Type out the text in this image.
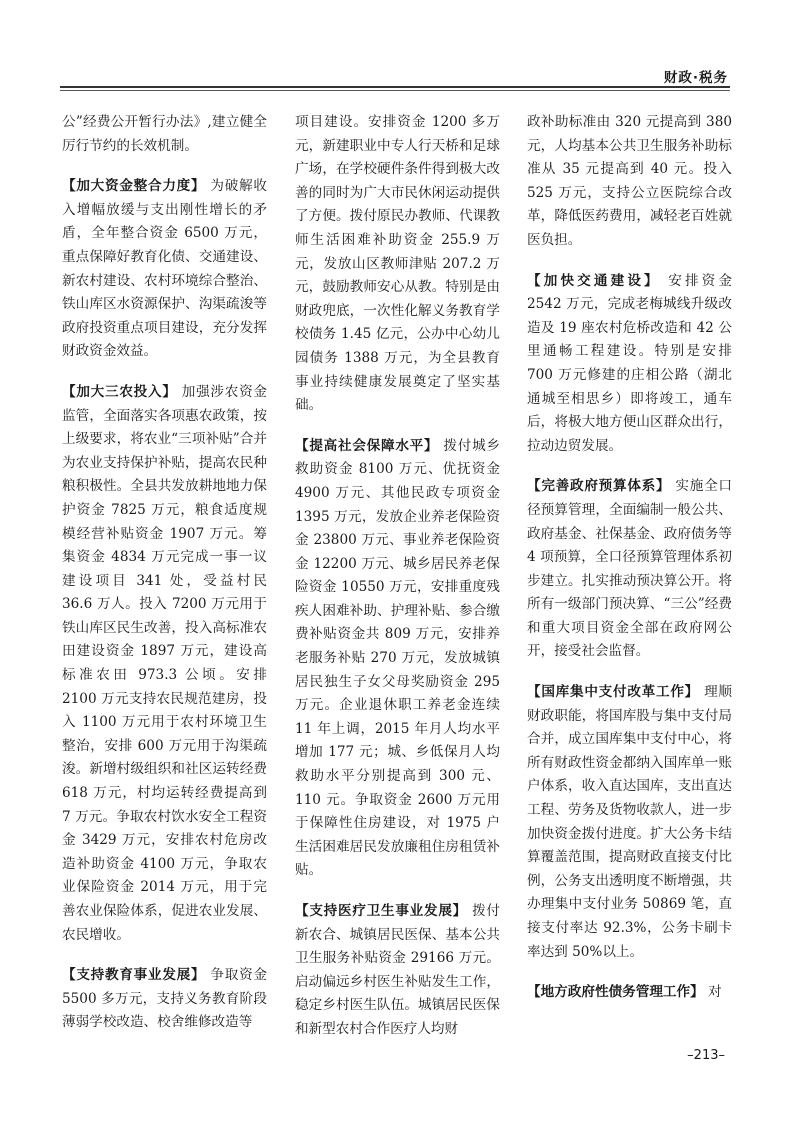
财政·税务

公”经费公开暂行办法》,建立健全厉行节约的长效机制。

【加大资金整合力度】 为破解收入增幅放缓与支出刚性增长的矛盾，全年整合资金 6500 万元，重点保障好教育化债、交通建设、新农村建设、农村环境综合整治、铁山库区水资源保护、沟渠疏浚等政府投资重点项目建设，充分发挥财政资金效益。

【加大三农投入】 加强涉农资金监管，全面落实各项惠农政策，按上级要求，将农业“三项补贴”合并为农业支持保护补贴，提高农民种粮积极性。全县共发放耕地地力保护资金 7825 万元，粮食适度规模经营补贴资金 1907 万元。筹集资金 4834 万元完成一事一议建设项目 341 处，受益村民 36.6 万人。投入 7200 万元用于铁山库区民生改善，投入高标准农田建设资金 1897 万元，建设高标准农田 973.3 公顷。安排 2100 万元支持农民规范建房，投入 1100 万元用于农村环境卫生整治，安排 600 万元用于沟渠疏浚。新增村级组织和社区运转经费 618 万元，村均运转经费提高到 7 万元。争取农村饮水安全工程资金 3429 万元，安排农村危房改造补助资金 4100 万元，争取农业保险资金 2014 万元，用于完善农业保险体系，促进农业发展、农民增收。

【支持教育事业发展】 争取资金 5500 多万元，支持义务教育阶段薄弱学校改造、校舍维修改造等

项目建设。安排资金 1200 多万元，新建职业中专人行天桥和足球广场，在学校硬件条件得到极大改善的同时为广大市民休闲运动提供了方便。拨付原民办教师、代课教师生活困难补助资金 255.9 万元，发放山区教师津贴 207.2 万元，鼓励教师安心从教。特别是由财政兜底，一次性化解义务教育学校债务 1.45 亿元，公办中心幼儿园债务 1388 万元，为全县教育事业持续健康发展奠定了坚实基础。

【提高社会保障水平】 拨付城乡救助资金 8100 万元、优抚资金 4900 万元、其他民政专项资金 1395 万元，发放企业养老保险资金 23800 万元、事业养老保险资金 12200 万元、城乡居民养老保险资金 10550 万元，安排重度残疾人困难补助、护理补贴、参合缴费补贴资金共 809 万元，安排养老服务补贴 270 万元，发放城镇居民独生子女父母奖励资金 295 万元。企业退休职工养老金连续 11 年上调，2015 年月人均水平增加 177 元；城、乡低保月人均救助水平分别提高到 300 元、110 元。争取资金 2600 万元用于保障性住房建设，对 1975 户生活困难居民发放廉租住房租赁补贴。

【支持医疗卫生事业发展】 拨付新农合、城镇居民医保、基本公共卫生服务补贴资金 29166 万元。启动偏远乡村医生补贴发生工作，稳定乡村医生队伍。城镇居民医保和新型农村合作医疗人均财

政补助标准由 320 元提高到 380 元，人均基本公共卫生服务补助标准从 35 元提高到 40 元。投入 525 万元，支持公立医院综合改革，降低医药费用，减轻老百姓就医负担。

【加快交通建设】 安排资金 2542 万元，完成老梅城线升级改造及 19 座农村危桥改造和 42 公里通畅工程建设。特别是安排 700 万元修建的庄相公路（湖北通城至相思乡）即将竣工，通车后，将极大地方便山区群众出行，拉动边贸发展。

【完善政府预算体系】 实施全口径预算管理，全面编制一般公共、政府基金、社保基金、政府债务等 4 项预算，全口径预算管理体系初步建立。扎实推动预决算公开。将所有一级部门预决算、“三公”经费和重大项目资金全部在政府网公开，接受社会监督。

【国库集中支付改革工作】 理顺财政职能，将国库股与集中支付局合并，成立国库集中支付中心，将所有财政性资金都纳入国库单一账户体系，收入直达国库，支出直达工程、劳务及货物收款人，进一步加快资金拨付进度。扩大公务卡结算覆盖范围，提高财政直接支付比例，公务支出透明度不断增强，共办理集中支付业务 50869 笔，直接支付率达 92.3%，公务卡刷卡率达到 50%以上。

【地方政府性债务管理工作】 对

–213–
